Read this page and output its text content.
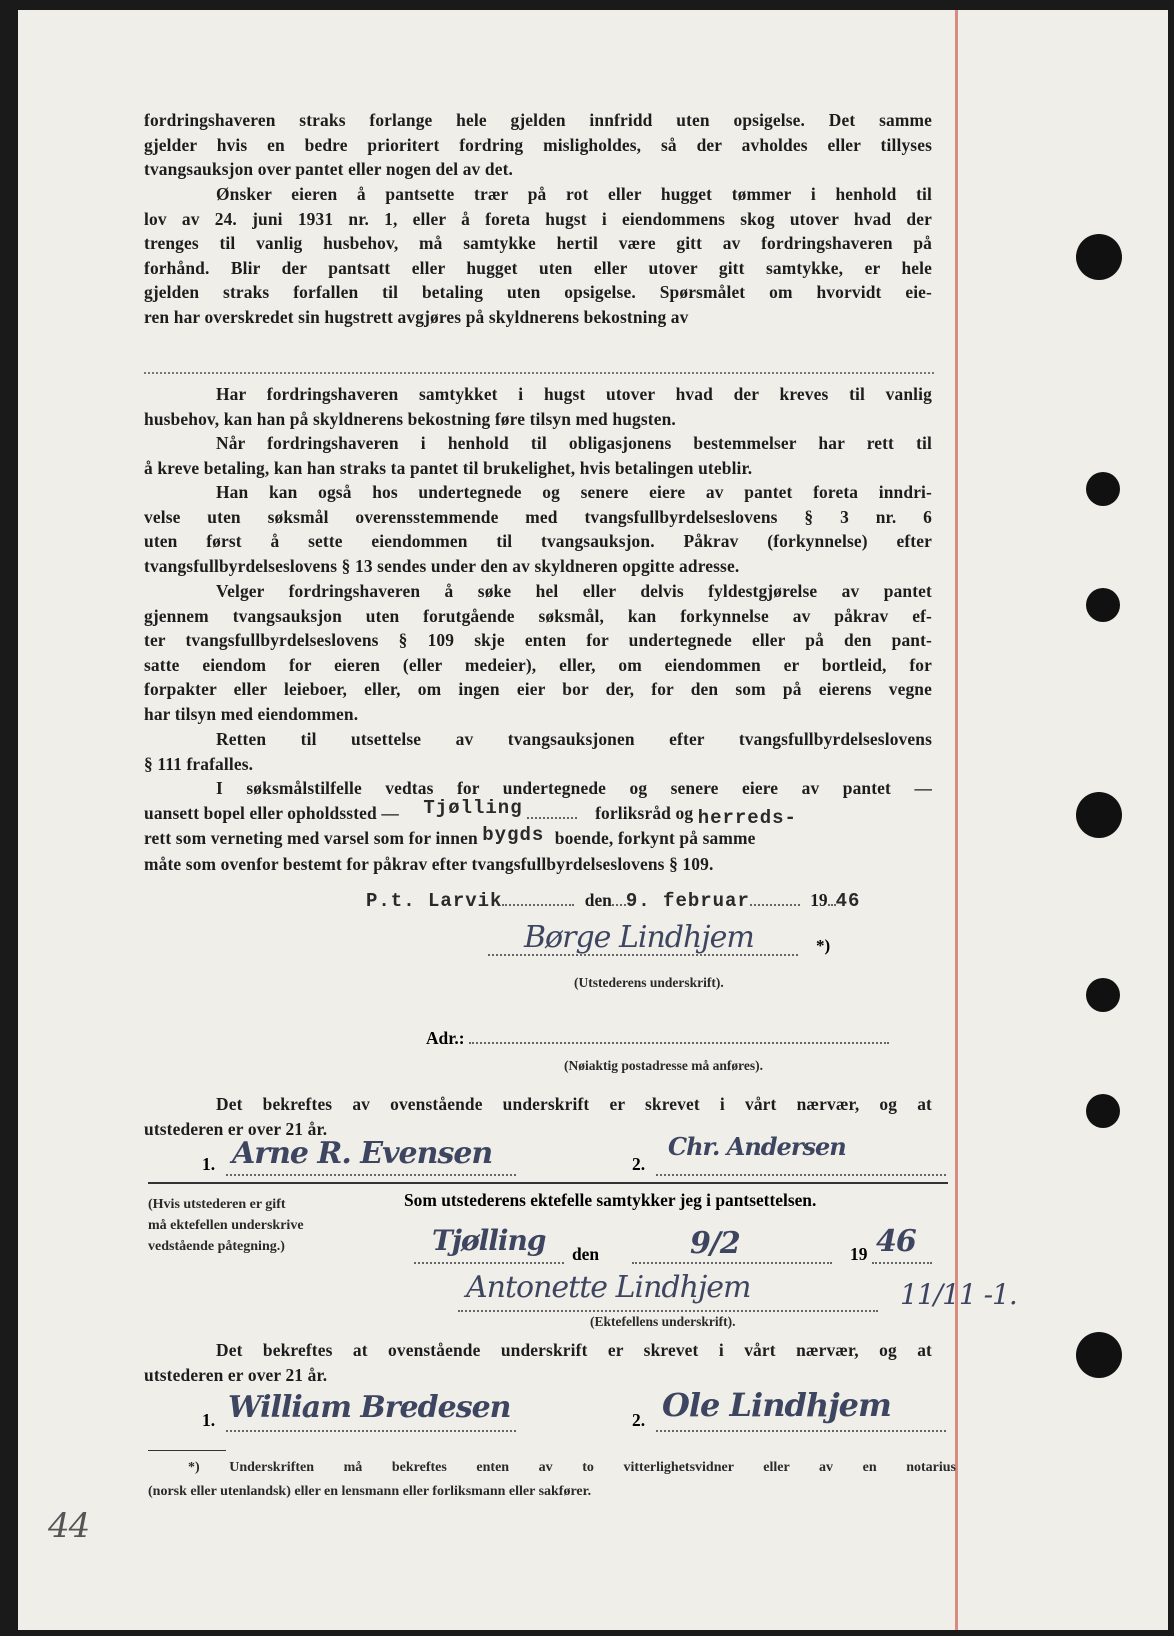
fordringshaveren straks forlange hele gjelden innfridd uten opsigelse. Det samme
gjelder hvis en bedre prioritert fordring misligholdes, så der avholdes eller tillyses
tvangsauksjon over pantet eller nogen del av det.
Ønsker eieren å pantsette trær på rot eller hugget tømmer i henhold til
lov av 24. juni 1931 nr. 1, eller å foreta hugst i eiendommens skog utover hvad der
trenges til vanlig husbehov, må samtykke hertil være gitt av fordringshaveren på
forhånd. Blir der pantsatt eller hugget uten eller utover gitt samtykke, er hele
gjelden straks forfallen til betaling uten opsigelse. Spørsmålet om hvorvidt eie-
ren har overskredet sin hugstrett avgjøres på skyldnerens bekostning av
Har fordringshaveren samtykket i hugst utover hvad der kreves til vanlig
husbehov, kan han på skyldnerens bekostning føre tilsyn med hugsten.
Når fordringshaveren i henhold til obligasjonens bestemmelser har rett til
å kreve betaling, kan han straks ta pantet til brukelighet, hvis betalingen uteblir.
Han kan også hos undertegnede og senere eiere av pantet foreta inndri-
velse uten søksmål overensstemmende med tvangsfullbyrdelseslovens § 3 nr. 6
uten først å sette eiendommen til tvangsauksjon. Påkrav (forkynnelse) efter
tvangsfullbyrdelseslovens § 13 sendes under den av skyldneren opgitte adresse.
Velger fordringshaveren å søke hel eller delvis fyldestgjørelse av pantet
gjennem tvangsauksjon uten forutgående søksmål, kan forkynnelse av påkrav ef-
ter tvangsfullbyrdelseslovens § 109 skje enten for undertegnede eller på den pant-
satte eiendom for eieren (eller medeier), eller, om eiendommen er bortleid, for
forpakter eller leieboer, eller, om ingen eier bor der, for den som på eierens vegne
har tilsyn med eiendommen.
Retten til utsettelse av tvangsauksjonen efter tvangsfullbyrdelseslovens
§ 111 frafalles.
I søksmålstilfelle vedtas for undertegnede og senere eiere av pantet —
uansett bopel eller opholdssted — Tjølling	forliksråd og herreds-
rett som verneting med varsel som for innen bygds boende, forkynt på samme
måte som ovenfor bestemt for påkrav efter tvangsfullbyrdelseslovens § 109.
P.t. Larvik	den 9. februar	19 46
Børge Lindhjem	*)
(Utstederens underskrift).
Adr.:
(Nøiaktig postadresse må anføres).
Det bekreftes av ovenstående underskrift er skrevet i vårt nærvær, og at
utstederen er over 21 år.
1. Arne R. Evensen	2.
Chr. Andersen
(Hvis utstederen er gift
må ektefellen underskrive
vedstående påtegning.)
Som utstederens ektefelle samtykker jeg i pantsettelsen.
Tjølling den	9/2	19 46
Antonette Lindhjem	11/11 -1.
(Ektefellens underskrift).
Det bekreftes at ovenstående underskrift er skrevet i vårt nærvær, og at
utstederen er over 21 år.
1. William Bredesen	2. Ole Lindhjem
*) Underskriften må bekreftes enten av to vitterlighetsvidner eller av en notarius
(norsk eller utenlandsk) eller en lensmann eller forliksmann eller sakfører.
44
